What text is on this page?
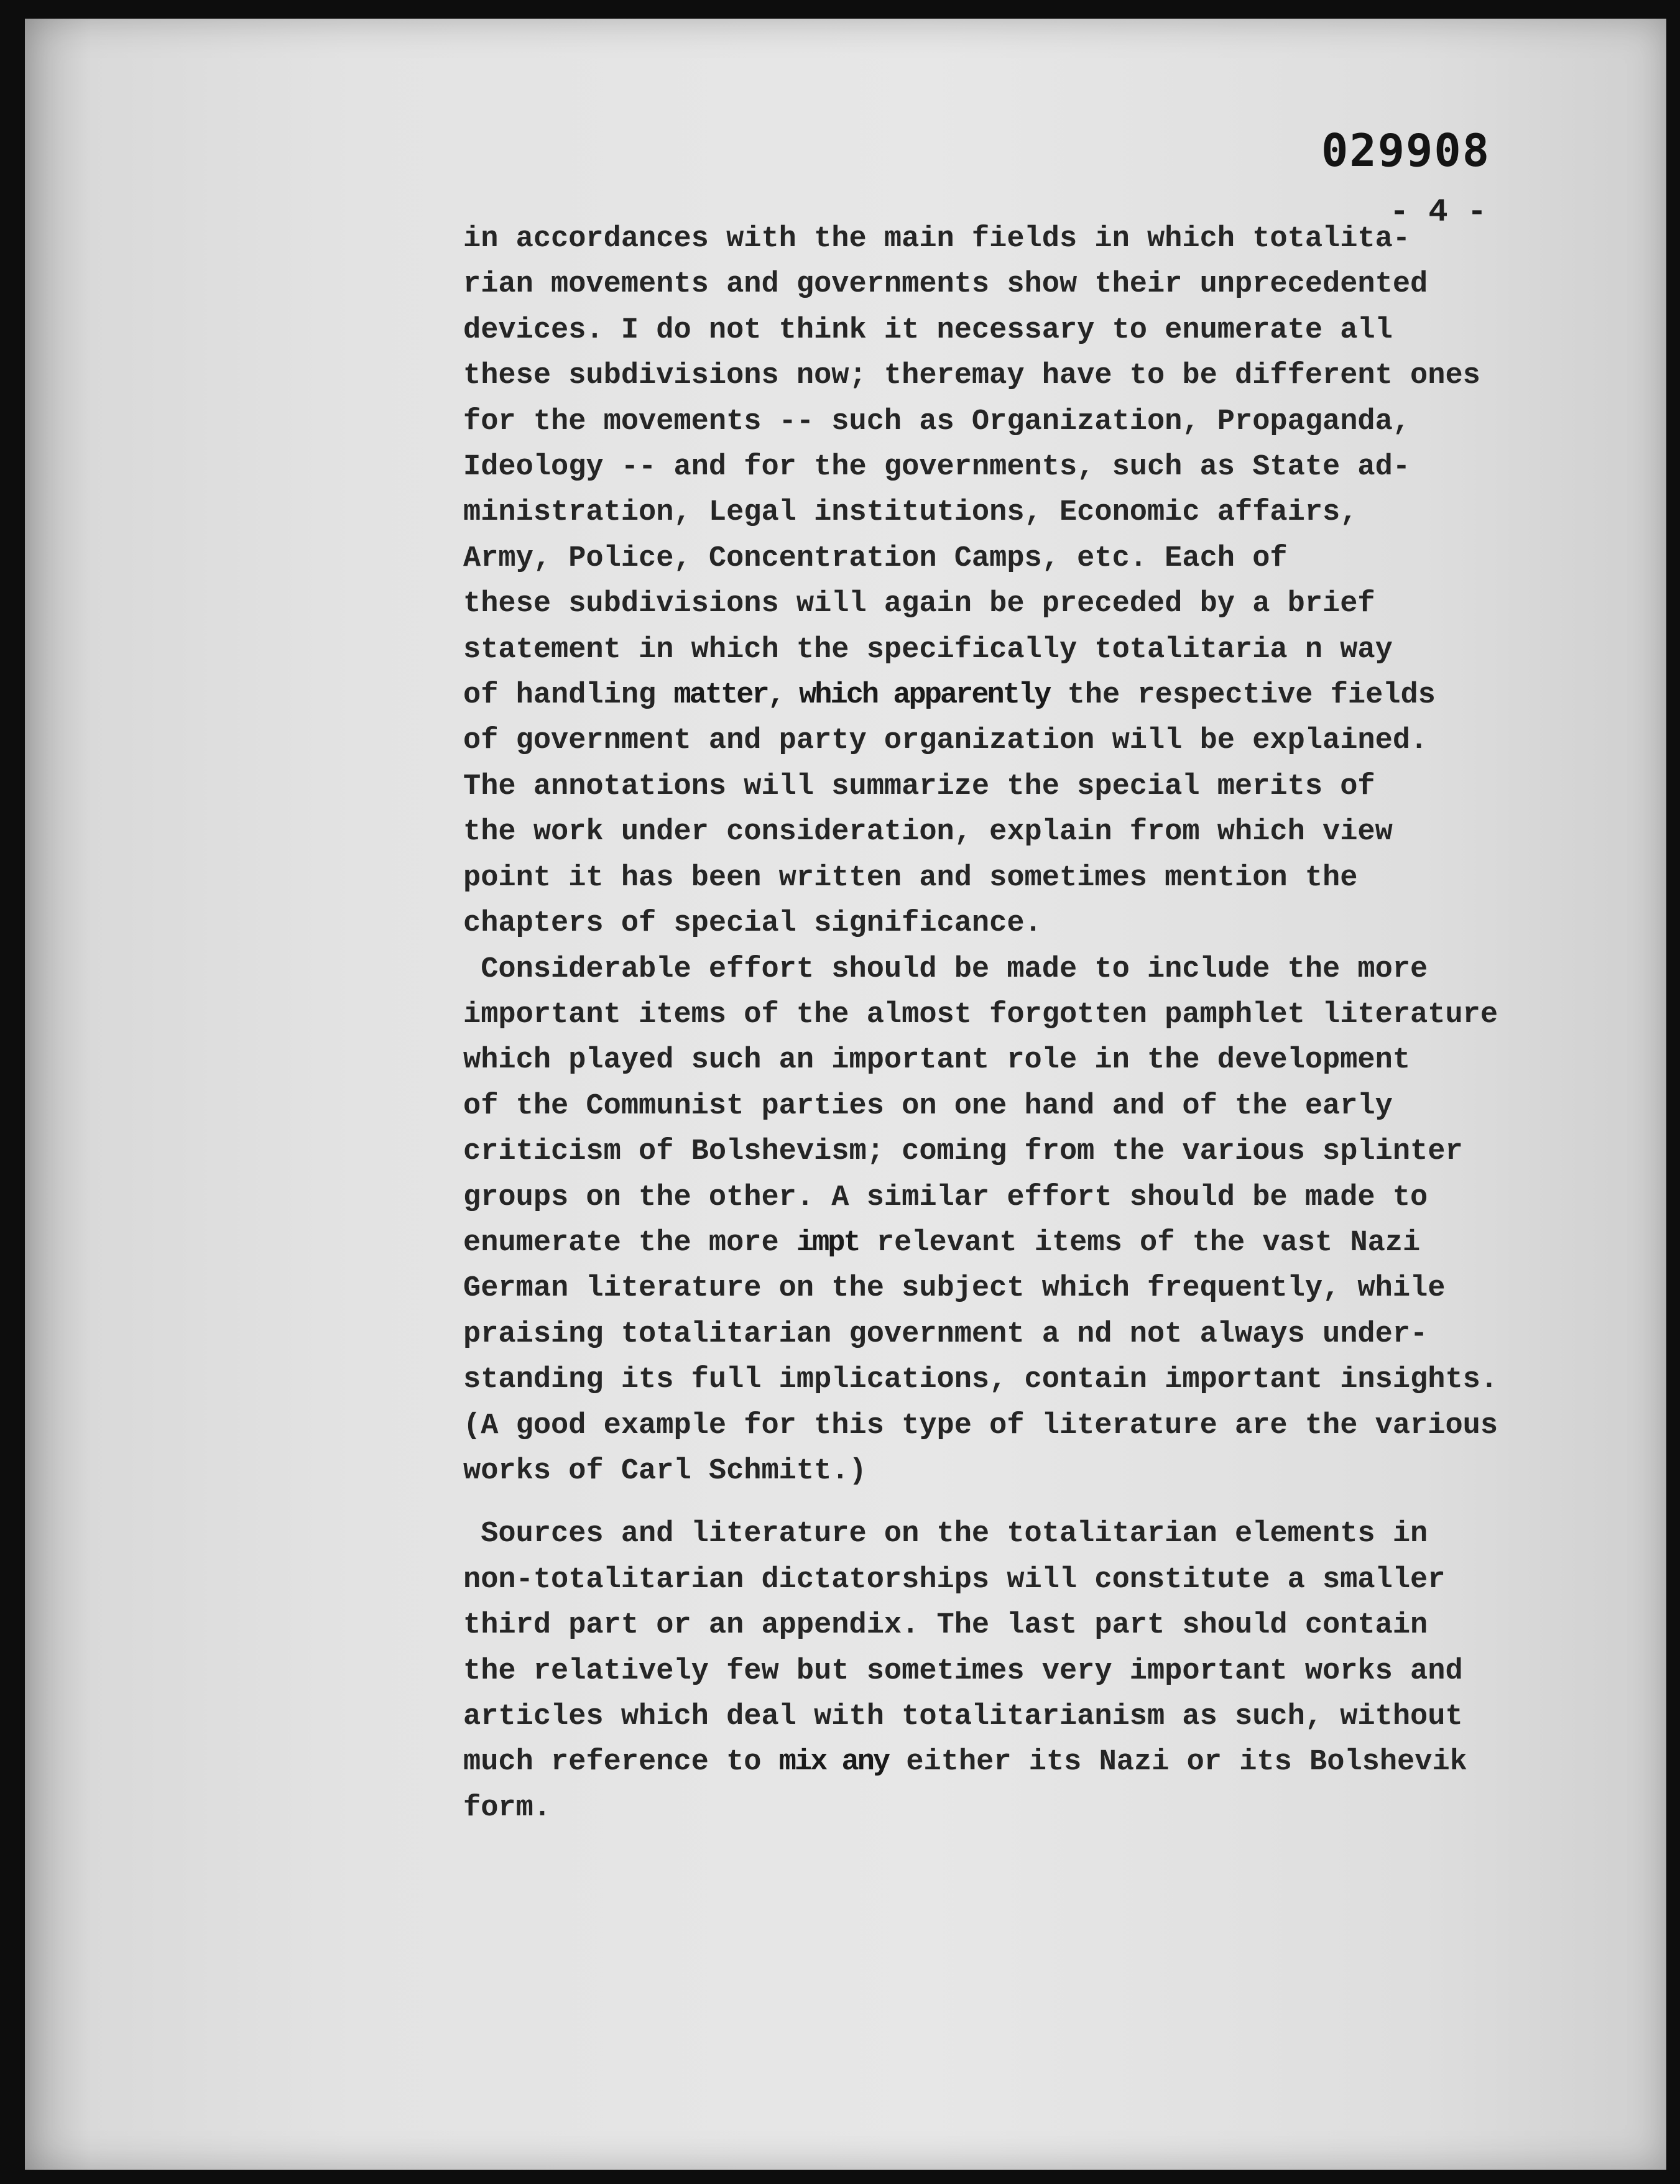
029908
- 4 -
in accordances with the main fields in which totalita-
rian movements and governments show their unprecedented
devices. I do not think it necessary to enumerate all
these subdivisions now; theremay have to be different ones
for the movements -- such as Organization, Propaganda,
Ideology -- and for the governments, such as State ad-
ministration, Legal institutions, Economic affairs,
Army, Police, Concentration Camps, etc. Each of
these subdivisions will again be preceded by a brief
statement in which the specifically totalitaria n way
of handling matter, which apparently the respective fields
of government and party organization will be explained.
The annotations will summarize the special merits of
the work under consideration, explain from which view
point it has been written and sometimes mention the
chapters of special significance.
Considerable effort should be made to include the more
important items of the almost forgotten pamphlet literature
which played such an important role in the development
of the Communist parties on one hand and of the early
criticism of Bolshevism; coming from the various splinter
groups on the other. A similar effort should be made to
enumerate the more impt relevant items of the vast Nazi
German literature on the subject which frequently, while
praising totalitarian government a nd not always under-
standing its full implications, contain important insights.
(A good example for this type of literature are the various
works of Carl Schmitt.)
Sources and literature on the totalitarian elements in
non-totalitarian dictatorships will constitute a smaller
third part or an appendix. The last part should contain
the relatively few but sometimes very important works and
articles which deal with totalitarianism as such, without
much reference to mix any either its Nazi or its Bolshevik
form.
